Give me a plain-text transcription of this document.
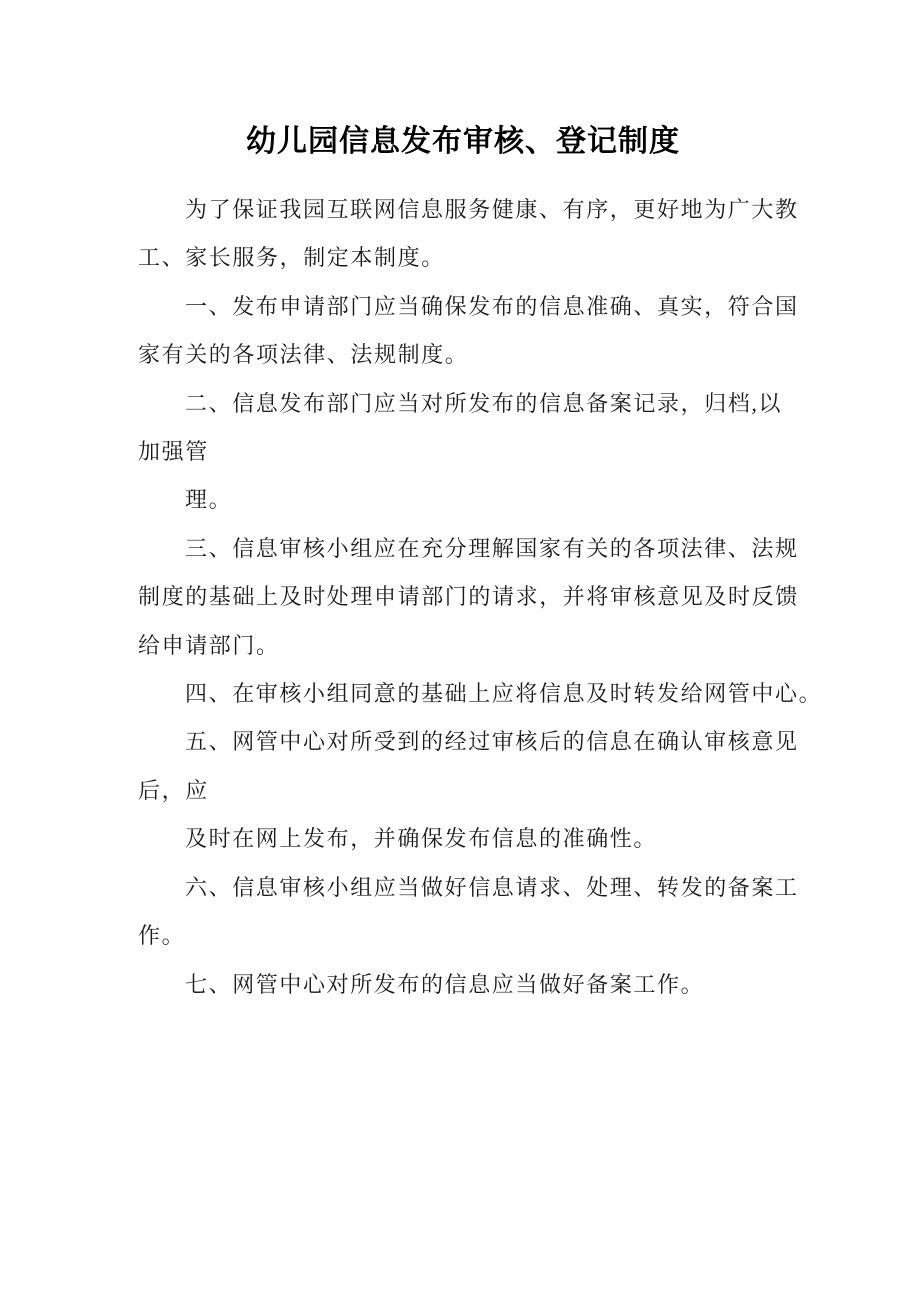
幼儿园信息发布审核、登记制度
为了保证我园互联网信息服务健康、有序，更好地为广大教
工、家长服务，制定本制度。
一、发布申请部门应当确保发布的信息准确、真实，符合国
家有关的各项法律、法规制度。
二、信息发布部门应当对所发布的信息备案记录，归档,以
加强管
理。
三、信息审核小组应在充分理解国家有关的各项法律、法规
制度的基础上及时处理申请部门的请求，并将审核意见及时反馈
给申请部门。
四、在审核小组同意的基础上应将信息及时转发给网管中心。
五、网管中心对所受到的经过审核后的信息在确认审核意见
后，应
及时在网上发布，并确保发布信息的准确性。
六、信息审核小组应当做好信息请求、处理、转发的备案工
作。
七、网管中心对所发布的信息应当做好备案工作。
